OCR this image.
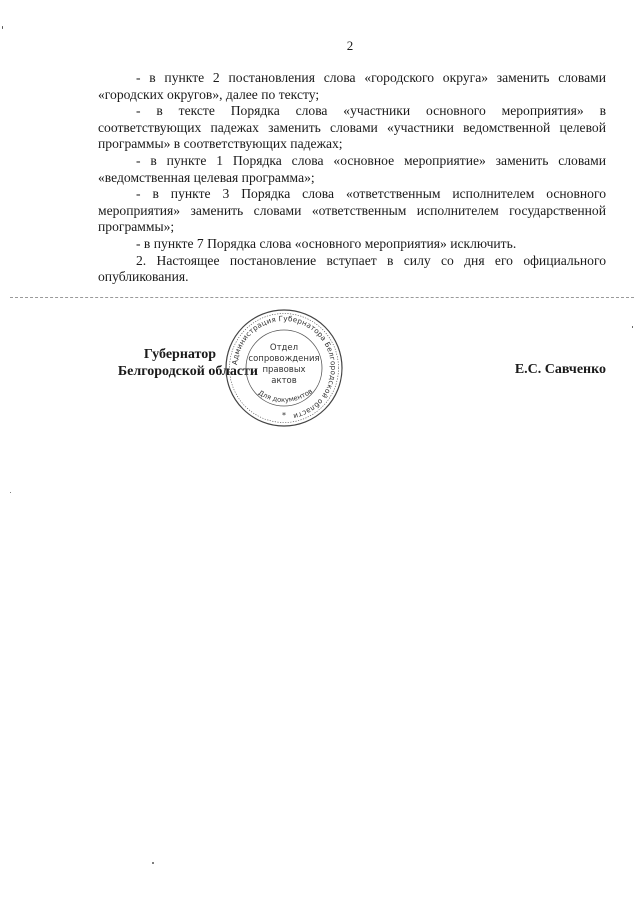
2

- в пункте 2 постановления слова «городского округа» заменить словами «городских округов», далее по тексту;

- в тексте Порядка слова «участники основного мероприятия» в соответствующих падежах заменить словами «участники ведомственной целевой программы» в соответствующих падежах;

- в пункте 1 Порядка слова «основное мероприятие» заменить словами «ведомственная целевая программа»;

- в пункте 3 Порядка слова «ответственным исполнителем основного мероприятия» заменить словами «ответственным исполнителем государственной программы»;

- в пункте 7 Порядка слова «основного мероприятия» исключить.

2. Настоящее постановление вступает в силу со дня его официального опубликования.

Губернатор
Белгородской области	Е.С. Савченко
Администрация Губернатора Белгородской области
Отдел
сопровождения
правовых
актов
Для документов
*
